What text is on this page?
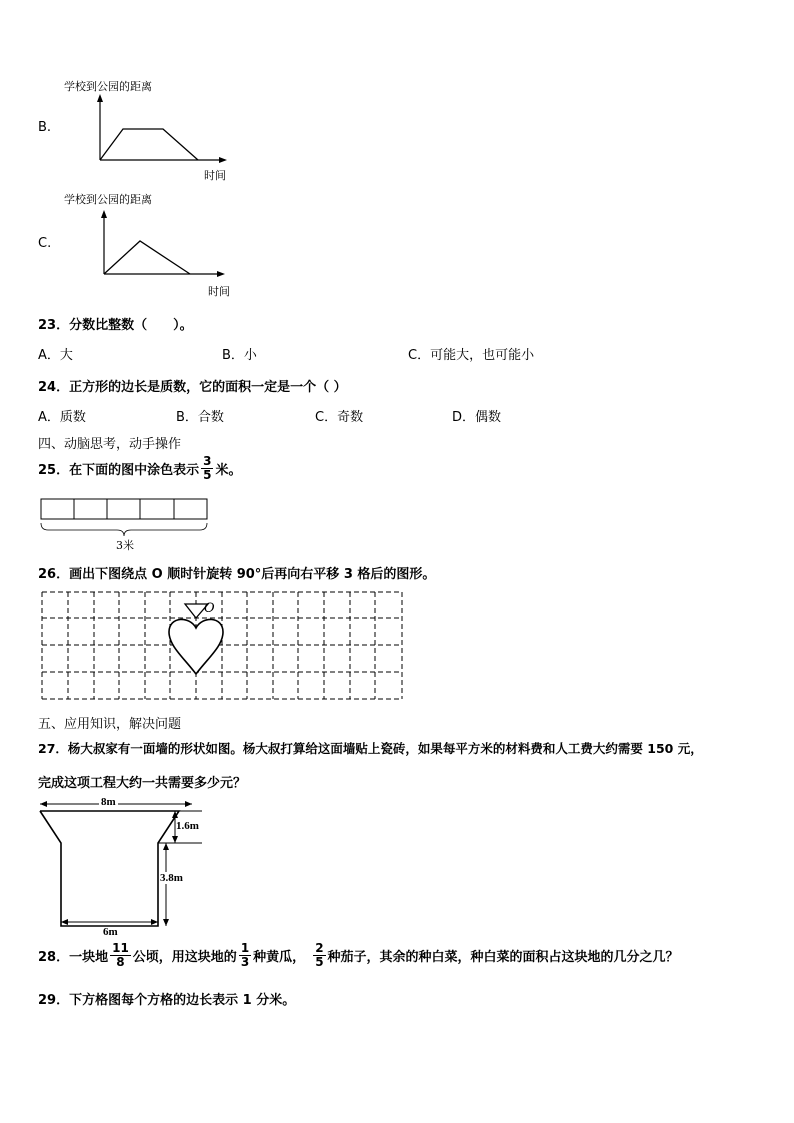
学校到公园的距离
B.
时间
学校到公园的距离
C.
时间
23．分数比整数（　　）。
A．大	B．小	C．可能大，也可能小
24．正方形的边长是质数，它的面积一定是一个（ ）
A．质数	B．合数	C．奇数	D．偶数
四、动脑思考，动手操作
25．在下面的图中涂色表示 $\frac{3}{5}$ 米。
3米
26．画出下图绕点 O 顺时针旋转 90°后再向右平移 3 格后的图形。
O
五、应用知识，解决问题
27．杨大叔家有一面墙的形状如图。杨大叔打算给这面墙贴上瓷砖，如果每平方米的材料费和人工费大约需要 150 元，
完成这项工程大约一共需要多少元？
8m
1.6m
3.8m
6m
28．一块地 $\frac{11}{8}$ 公顷，用这块地的 $\frac{1}{3}$ 种黄瓜， $\frac{2}{5}$ 种茄子，其余的种白菜，种白菜的面积占这块地的几分之几？
29．下方格图每个方格的边长表示 1 分米。
